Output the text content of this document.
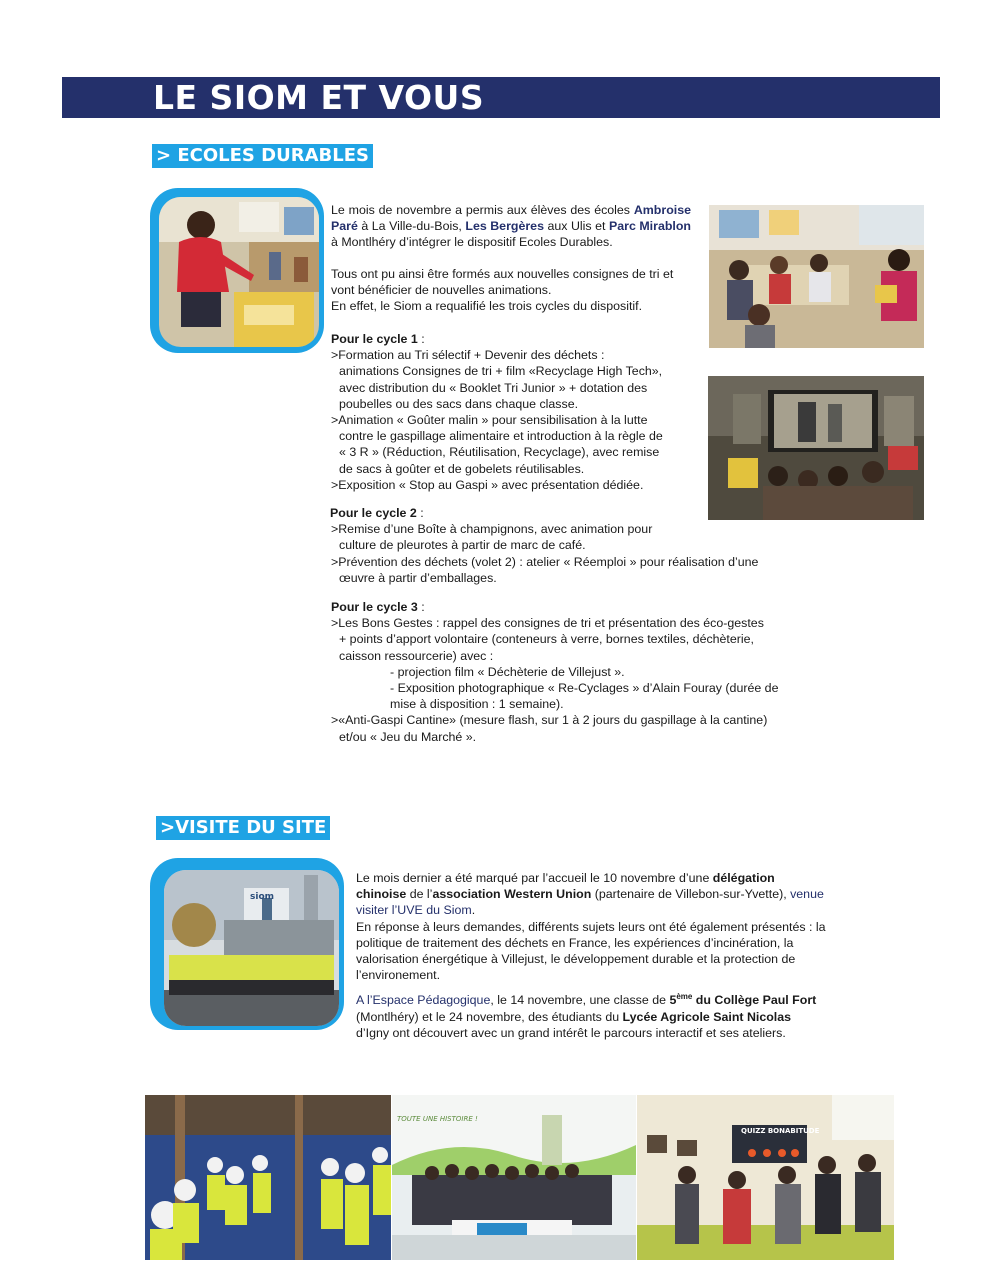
LE SIOM ET VOUS
> ECOLES DURABLES

Le mois de novembre a permis aux élèves des écoles Ambroise Paré à La Ville-du-Bois, Les Bergères aux Ulis et Parc Mirablon à Montlhéry d’intégrer le dispositif Ecoles Durables.

Tous ont pu ainsi être formés aux nouvelles consignes de tri et vont bénéficier de nouvelles animations.

En effet, le Siom a requalifié les trois cycles du dispositif.

Pour le cycle 1 :

>Formation au Tri sélectif + Devenir des déchets :

animations Consignes de tri + film «Recyclage High Tech»,

avec distribution du « Booklet Tri Junior » + dotation des

poubelles ou des sacs dans chaque classe.

>Animation « Goûter malin » pour sensibilisation à la lutte

contre le gaspillage alimentaire et introduction à la règle de

« 3 R » (Réduction, Réutilisation, Recyclage), avec remise

de sacs à goûter et de gobelets réutilisables.

>Exposition « Stop au Gaspi » avec présentation dédiée.

Pour le cycle 2 :

>Remise d’une Boîte à champignons, avec animation pour

culture de pleurotes à partir de marc de café.

>Prévention des déchets (volet 2) : atelier « Réemploi » pour réalisation d’une

œuvre à partir d’emballages.

Pour le cycle 3 :

>Les Bons Gestes : rappel des consignes de tri et présentation des éco-gestes

+ points d’apport volontaire (conteneurs à verre, bornes textiles, déchèterie,

caisson ressourcerie) avec :

- projection film « Déchèterie de Villejust ».

- Exposition photographique « Re-Cyclages » d’Alain Fouray (durée de

mise à disposition : 1 semaine).

>«Anti-Gaspi Cantine» (mesure flash, sur 1 à 2 jours du gaspillage à la cantine)

et/ou « Jeu du Marché ».

>VISITE DU SITE
siom

Le mois dernier a été marqué par l’accueil le 10 novembre d’une délégation chinoise de l’association Western Union (partenaire de Villebon-sur-Yvette), venue visiter l’UVE du Siom.

En réponse à leurs demandes, différents sujets leurs ont été également présentés : la politique de traitement des déchets en France, les expériences d’incinération, la valorisation énergétique à Villejust, le développement durable et la protection de l’environement.

A l’Espace Pédagogique, le 14 novembre, une classe de 5ème du Collège Paul Fort (Montlhéry) et le 24 novembre, des étudiants du Lycée Agricole Saint Nicolas d’Igny ont découvert avec un grand intérêt le parcours interactif et ses ateliers.

TOUTE UNE HISTOIRE !
QUIZZ BONABITUDE
